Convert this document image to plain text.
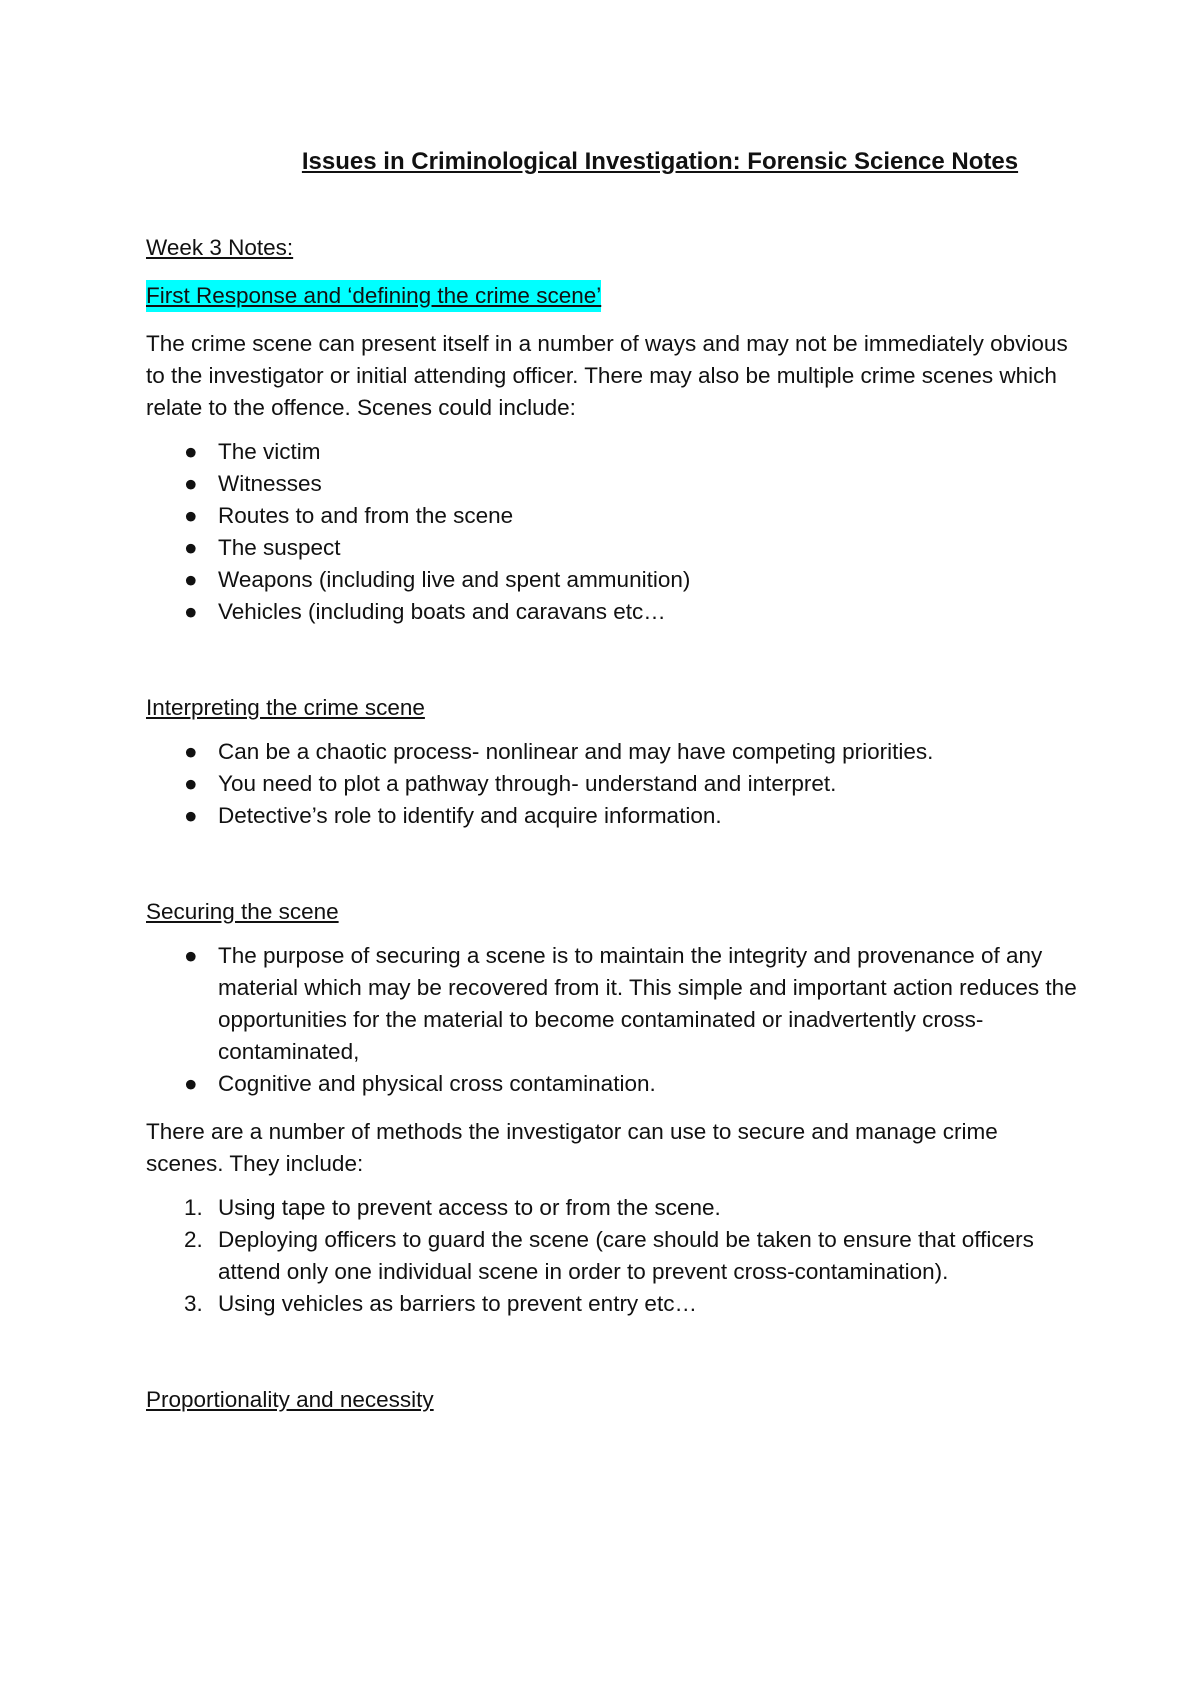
Issues in Criminological Investigation: Forensic Science Notes
Week 3 Notes:
First Response and ‘defining the crime scene’

The crime scene can present itself in a number of ways and may not be immediately obvious to the investigator or initial attending officer. There may also be multiple crime scenes which relate to the offence. Scenes could include:

● The victim
● Witnesses
● Routes to and from the scene
● The suspect
● Weapons (including live and spent ammunition)
● Vehicles (including boats and caravans etc…
Interpreting the crime scene
● Can be a chaotic process- nonlinear and may have competing priorities.
● You need to plot a pathway through- understand and interpret.
● Detective’s role to identify and acquire information.
Securing the scene
● The purpose of securing a scene is to maintain the integrity and provenance of any material which may be recovered from it. This simple and important action reduces the opportunities for the material to become contaminated or inadvertently cross-contaminated,
● Cognitive and physical cross contamination.

There are a number of methods the investigator can use to secure and manage crime scenes. They include:

1. Using tape to prevent access to or from the scene.
2. Deploying officers to guard the scene (care should be taken to ensure that officers attend only one individual scene in order to prevent cross-contamination).
3. Using vehicles as barriers to prevent entry etc…
Proportionality and necessity
